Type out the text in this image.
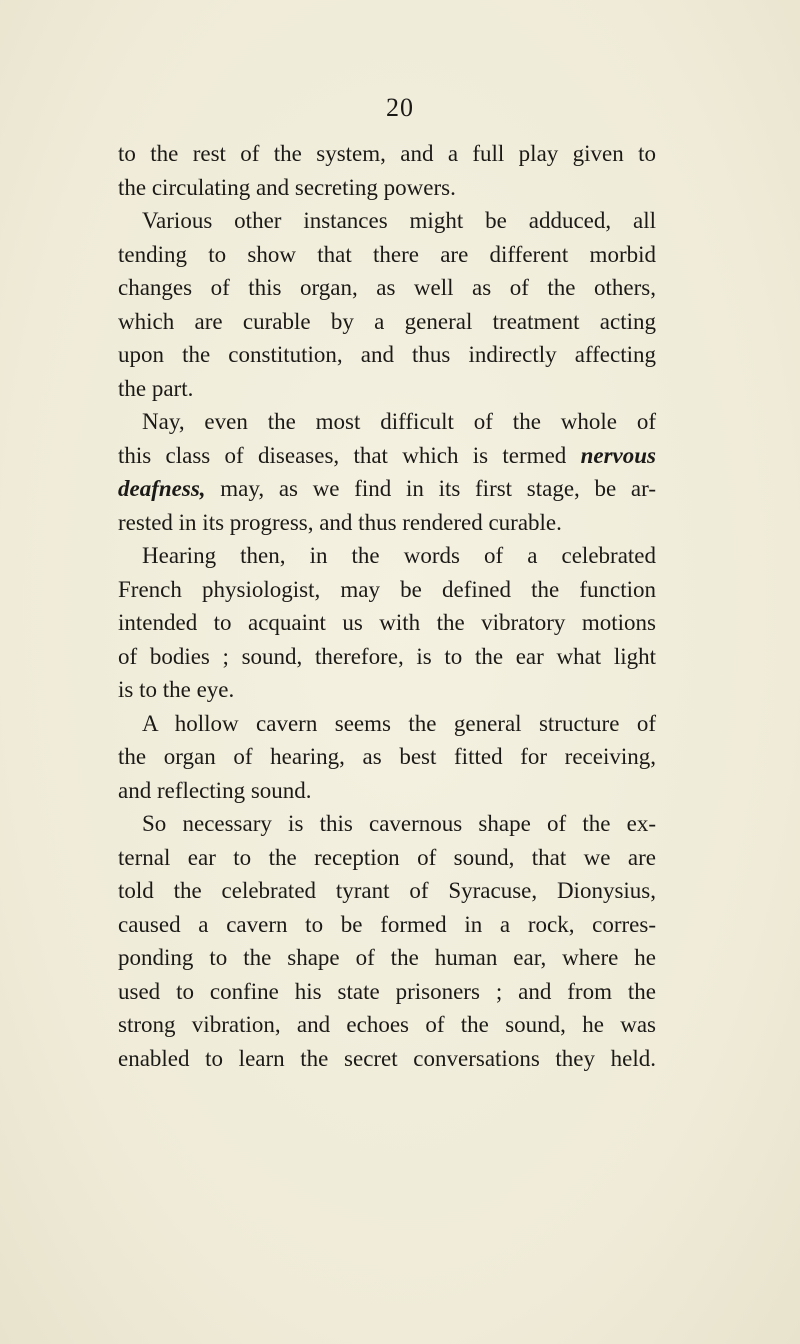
20
to the rest of the system, and a full play given to
the circulating and secreting powers.
Various other instances might be adduced, all
tending to show that there are different morbid
changes of this organ, as well as of the others,
which are curable by a general treatment acting
upon the constitution, and thus indirectly affecting
the part.
Nay, even the most difficult of the whole of
this class of diseases, that which is termed nervous
deafness, may, as we find in its first stage, be ar-
rested in its progress, and thus rendered curable.
Hearing then, in the words of a celebrated
French physiologist, may be defined the function
intended to acquaint us with the vibratory motions
of bodies ; sound, therefore, is to the ear what light
is to the eye.
A hollow cavern seems the general structure of
the organ of hearing, as best fitted for receiving,
and reflecting sound.
So necessary is this cavernous shape of the ex-
ternal ear to the reception of sound, that we are
told the celebrated tyrant of Syracuse, Dionysius,
caused a cavern to be formed in a rock, corres-
ponding to the shape of the human ear, where he
used to confine his state prisoners ; and from the
strong vibration, and echoes of the sound, he was
enabled to learn the secret conversations they held.
